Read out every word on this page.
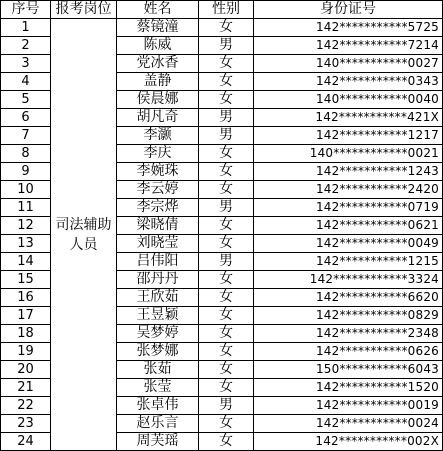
序号	报考岗位	姓名	性别	身份证号
1	司法辅助人员	蔡镜潼	女	142***********5725
2		陈威	男	142***********7214
3		党冰香	女	140***********0027
4		盖静	女	142***********0343
5		侯晨娜	女	140***********0040
6		胡凡奇	男	142***********421X
7		李灏	男	142***********1217
8		李庆	女	140************0021
9		李婉珠	女	142***********1243
10		李云婷	女	142***********2420
11		李宗烨	男	142***********0719
12		梁晓倩	女	142***********0621
13		刘晓莹	女	142***********0049
14		吕伟阳	男	142***********1215
15		邵丹丹	女	142************3324
16		王欣茹	女	142***********6620
17		王昱颖	女	142***********0829
18		吴梦婷	女	142***********2348
19		张梦娜	女	142***********0626
20		张茹	女	150***********6043
21		张莹	女	142***********1520
22		张卓伟	男	142***********0019
23		赵乐言	女	142***********0024
24		周芙瑶	女	142***********002X
